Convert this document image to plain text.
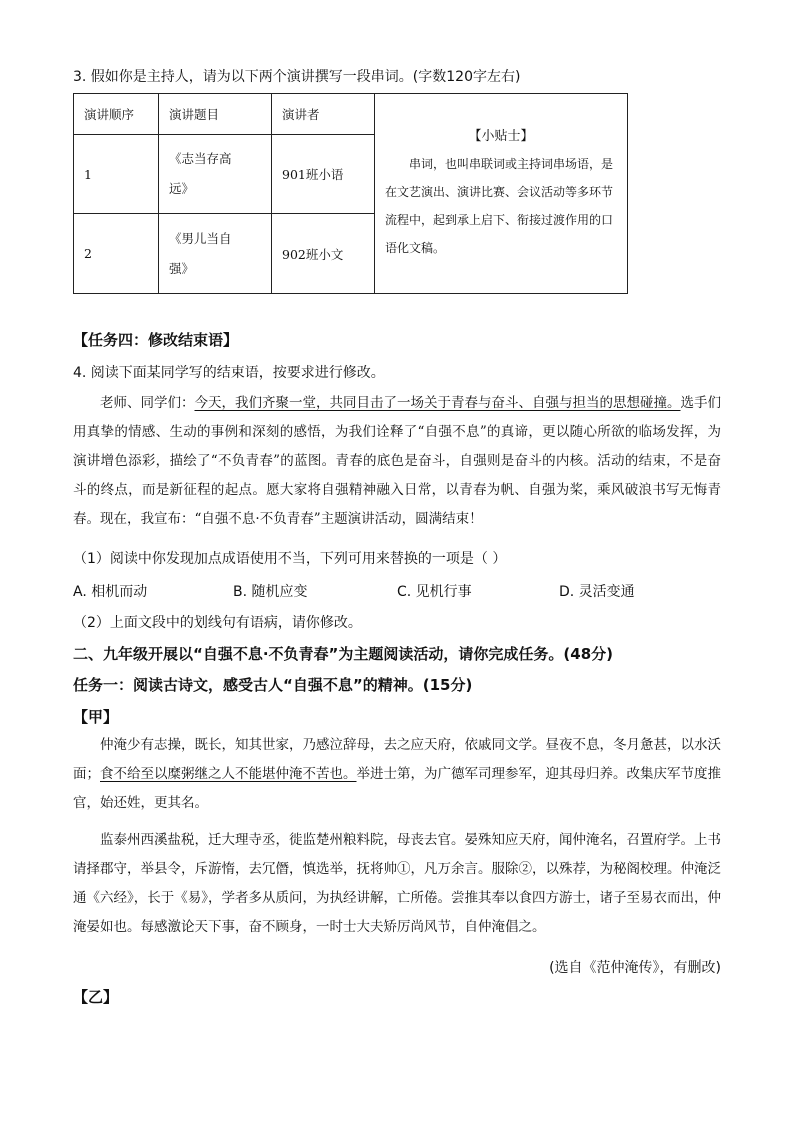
3. 假如你是主持人，请为以下两个演讲撰写一段串词。(字数120字左右)
演讲顺序	演讲题目	演讲者	【小贴士】
串词，也叫串联词或主持词串场语，是在文艺演出、演讲比赛、会议活动等多环节流程中，起到承上启下、衔接过渡作用的口语化文稿。

1	《志当存高
远》	901班小语	
2	《男儿当自
强》	902班小文	
【任务四：修改结束语】
4. 阅读下面某同学写的结束语，按要求进行修改。
老师、同学们：今天，我们齐聚一堂，共同目击了一场关于青春与奋斗、自强与担当的思想碰撞。选手们用真挚的情感、生动的事例和深刻的感悟，为我们诠释了“自强不息”的真谛，更以随心所欲的临场发挥，为演讲增色添彩，描绘了“不负青春”的蓝图。青春的底色是奋斗，自强则是奋斗的内核。活动的结束，不是奋斗的终点，而是新征程的起点。愿大家将自强精神融入日常，以青春为帆、自强为桨，乘风破浪书写无悔青春。现在，我宣布：“自强不息·不负青春”主题演讲活动，圆满结束！
（1）阅读中你发现加点成语使用不当，下列可用来替换的一项是（ ）
A. 相机而动	B. 随机应变	C. 见机行事	D. 灵活变通
（2）上面文段中的划线句有语病，请你修改。
二、九年级开展以“自强不息·不负青春”为主题阅读活动，请你完成任务。(48分)
任务一：阅读古诗文，感受古人“自强不息”的精神。(15分)
【甲】
仲淹少有志操，既长，知其世家，乃感泣辞母，去之应天府，依戚同文学。昼夜不息，冬月惫甚，以水沃面；食不给至以糜粥继之人不能堪仲淹不苦也。举进士第，为广德军司理参军，迎其母归养。改集庆军节度推官，始还姓，更其名。
监泰州西溪盐税，迁大理寺丞，徙监楚州粮料院，母丧去官。晏殊知应天府，闻仲淹名，召置府学。上书请择郡守，举县令，斥游惰，去冗僭，慎选举，抚将帅①，凡万余言。服除②，以殊荐，为秘阁校理。仲淹泛通《六经》，长于《易》，学者多从质问，为执经讲解，亡所倦。尝推其奉以食四方游士，诸子至易衣而出，仲淹晏如也。每感激论天下事，奋不顾身，一时士大夫矫厉尚风节，自仲淹倡之。
(选自《范仲淹传》，有删改)
【乙】
